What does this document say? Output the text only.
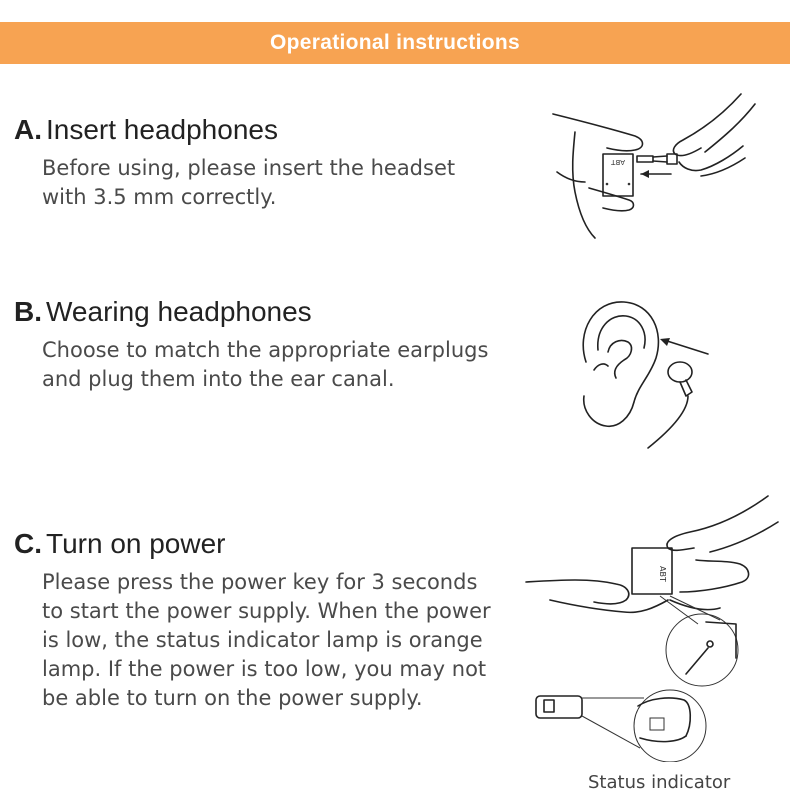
Operational instructions
A. Insert headphones
Before using, please insert the headset
with 3.5 mm correctly.
B. Wearing headphones
Choose to match the appropriate earplugs
and plug them into the ear canal.
C. Turn on power
Please press the power key for 3 seconds
to start the power supply. When the power
is low, the status indicator lamp is orange
lamp. If the power is too low, you may not
be able to turn on the power supply.
ABT
ABT
Status indicator
